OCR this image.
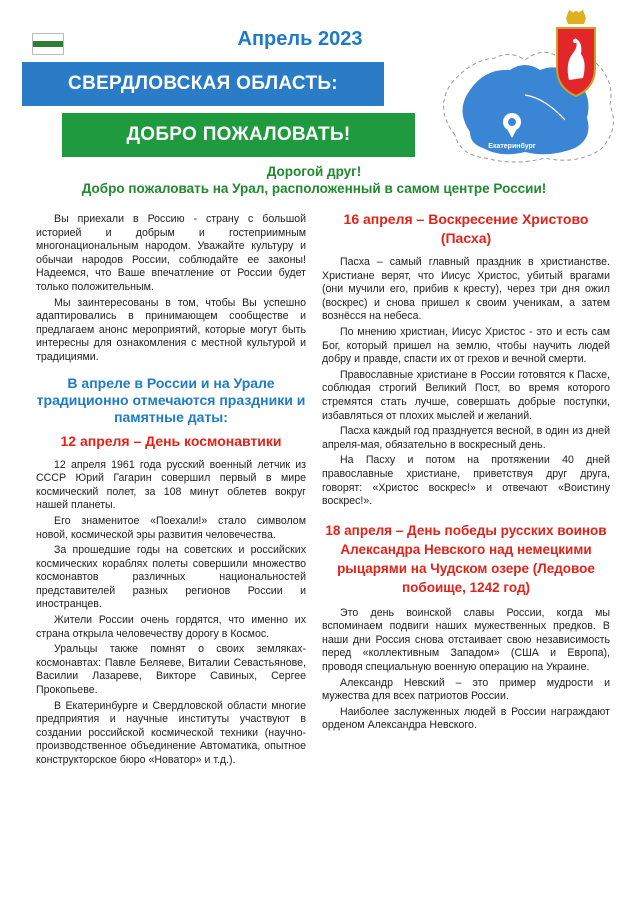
Апрель 2023
СВЕРДЛОВСКАЯ ОБЛАСТЬ:
ДОБРО ПОЖАЛОВАТЬ!
Екатеринбург
Дорогой друг!
Добро пожаловать на Урал, расположенный в самом центре России!

Вы приехали в Россию - страну с большой историей и добрым и гостеприимным многонациональным народом. Уважайте культуру и обычаи народов России, соблюдайте ее законы! Надеемся, что Ваше впечатление от России будет только положительным.

Мы заинтересованы в том, чтобы Вы успешно адаптировались в принимающем сообществе и предлагаем анонс мероприятий, которые могут быть интересны для ознакомления с местной культурой и традициями.

В апреле в России и на Урале традиционно отмечаются праздники и памятные даты:
12 апреля – День космонавтики

12 апреля 1961 года русский военный летчик из СССР Юрий Гагарин совершил первый в мире космический полет, за 108 минут облетев вокруг нашей планеты.

Его знаменитое «Поехали!» стало символом новой, космической эры развития человечества.

За прошедшие годы на советских и российских космических кораблях полеты совершили множество космонавтов различных национальностей представителей разных регионов России и иностранцев.

Жители России очень гордятся, что именно их страна открыла человечеству дорогу в Космос.

Уральцы также помнят о своих земляках-космонавтах: Павле Беляеве, Виталии Севастьянове, Василии Лазареве, Викторе Савиных, Сергее Прокопьеве.

В Екатеринбурге и Свердловской области многие предприятия и научные институты участвуют в создании российской космической техники (научно-производственное объединение Автоматика, опытное конструкторское бюро «Новатор» и т.д.).

16 апреля – Воскресение Христово (Пасха)

Пасха – самый главный праздник в христианстве. Христиане верят, что Иисус Христос, убитый врагами (они мучили его, прибив к кресту), через три дня ожил (воскрес) и снова пришел к своим ученикам, а затем вознёсся на небеса.

По мнению христиан, Иисус Христос - это и есть сам Бог, который пришел на землю, чтобы научить людей добру и правде, спасти их от грехов и вечной смерти.

Православные христиане в России готовятся к Пасхе, соблюдая строгий Великий Пост, во время которого стремятся стать лучше, совершать добрые поступки, избавляться от плохих мыслей и желаний.

Пасха каждый год празднуется весной, в один из дней апреля-мая, обязательно в воскресный день.

На Пасху и потом на протяжении 40 дней православные христиане, приветствуя друг друга, говорят: «Христос воскрес!» и отвечают «Воистину воскрес!».

18 апреля – День победы русских воинов Александра Невского над немецкими рыцарями на Чудском озере (Ледовое побоище, 1242 год)

Это день воинской славы России, когда мы вспоминаем подвиги наших мужественных предков. В наши дни Россия снова отстаивает свою независимость перед «коллективным Западом» (США и Европа), проводя специальную военную операцию на Украине.

Александр Невский – это пример мудрости и мужества для всех патриотов России.

Наиболее заслуженных людей в России награждают орденом Александра Невского.
